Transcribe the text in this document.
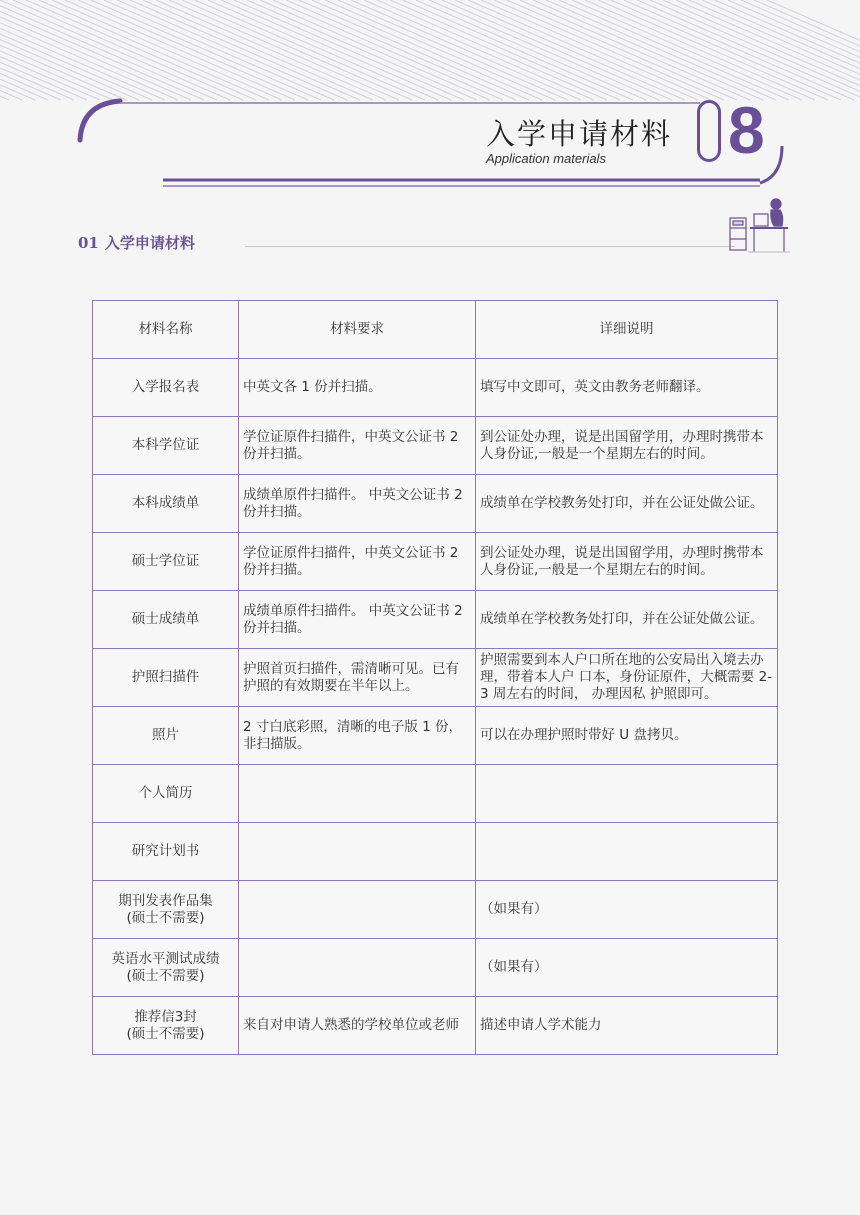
入学申请材料
Application materials 8
01 入学申请材料
材料名称	材料要求	详细说明

入学报名表	中英文各 1 份并扫描。	填写中文即可，英文由教务老师翻译。

本科学位证	学位证原件扫描件，中英文公证书 2 份并扫描。	到公证处办理，说是出国留学用，办理时携带本人身份证,一般是一个星期左右的时间。

本科成绩单	成绩单原件扫描件。 中英文公证书 2 份并扫描。	成绩单在学校教务处打印，并在公证处做公证。

硕士学位证	学位证原件扫描件，中英文公证书 2 份并扫描。	到公证处办理，说是出国留学用，办理时携带本人身份证,一般是一个星期左右的时间。

硕士成绩单	成绩单原件扫描件。 中英文公证书 2 份并扫描。	成绩单在学校教务处打印，并在公证处做公证。

护照扫描件	护照首页扫描件，需清晰可见。已有护照的有效期要在半年以上。	护照需要到本人户口所在地的公安局出入境去办理，带着本人户 口本，身份证原件，大概需要 2-3 周左右的时间， 办理因私 护照即可。

照片	2 寸白底彩照，清晰的电子版 1 份，非扫描版。	可以在办理护照时带好 U 盘拷贝。

个人简历		

研究计划书		

期刊发表作品集
(硕士不需要)		（如果有）

英语水平测试成绩
(硕士不需要)		（如果有）

推荐信3封
(硕士不需要)	来自对申请人熟悉的学校单位或老师	描述申请人学术能力
